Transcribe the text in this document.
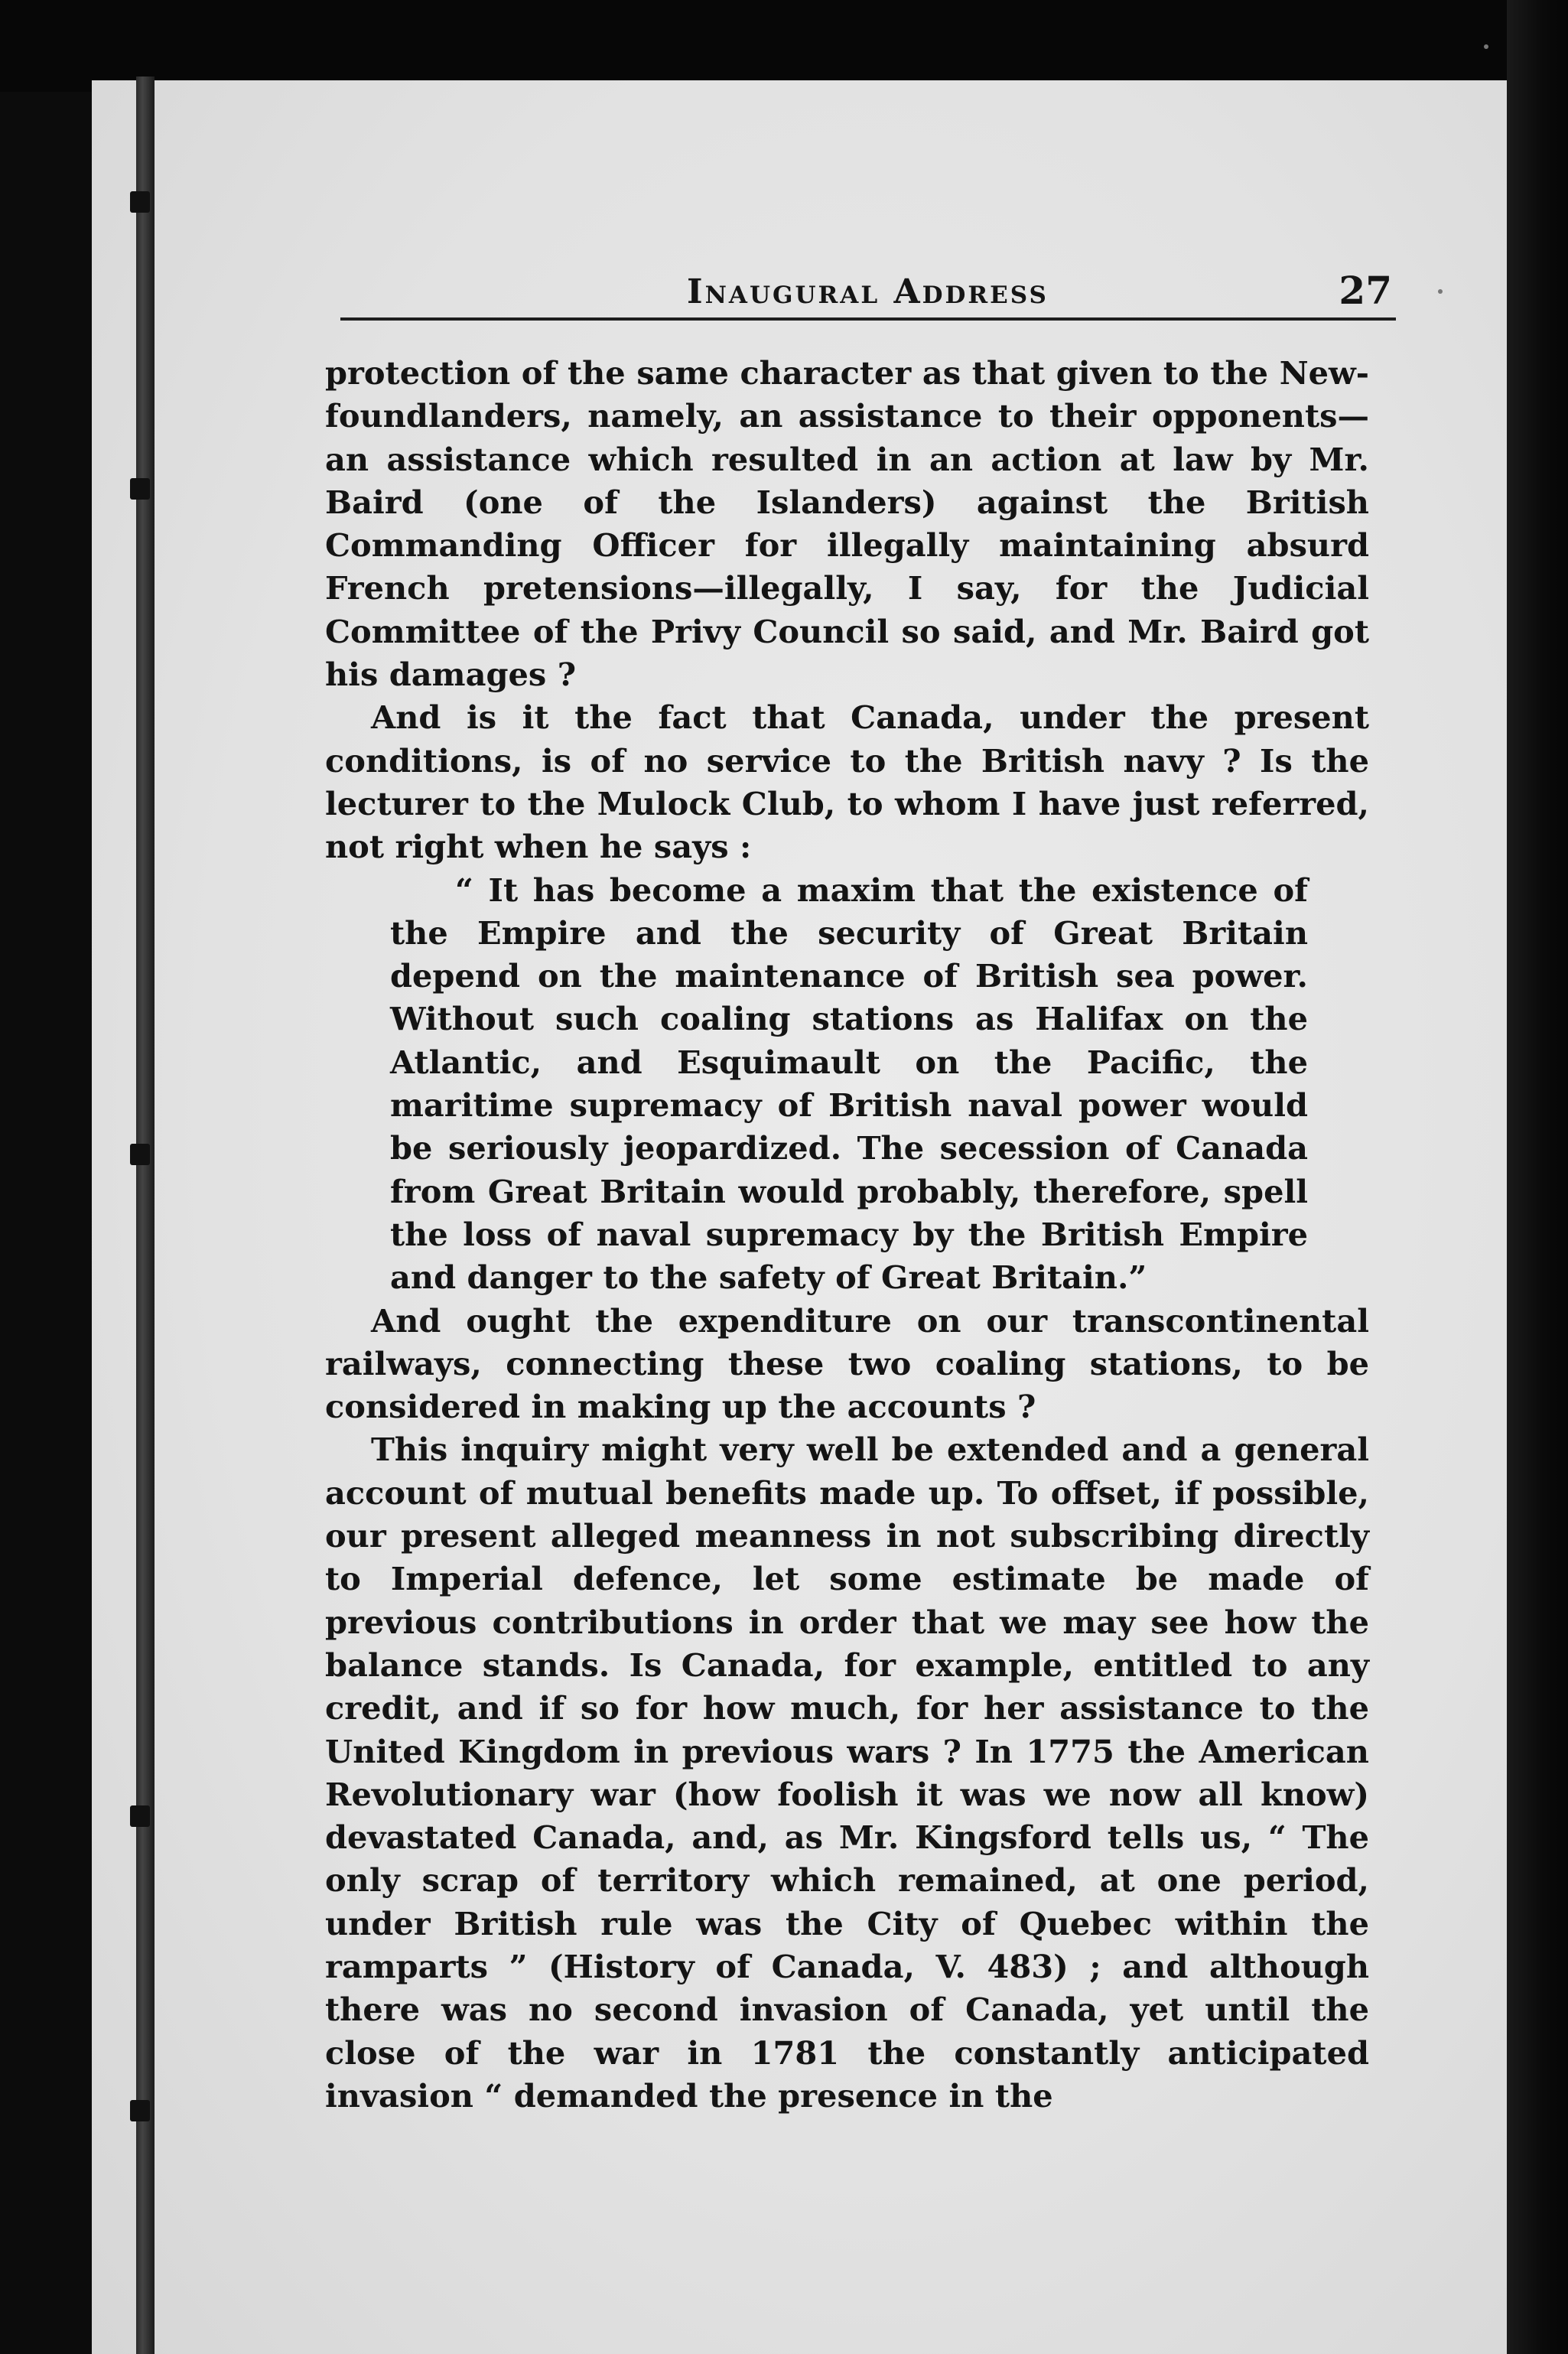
Inaugural Address	27

protection of the same character as that given to the New-foundlanders, namely, an assistance to their opponents—an assistance which resulted in an action at law by Mr. Baird (one of the Islanders) against the British Commanding Officer for illegally maintaining absurd French pretensions—illegally, I say, for the Judicial Committee of the Privy Council so said, and Mr. Baird got his damages ?

And is it the fact that Canada, under the present conditions, is of no service to the British navy ? Is the lecturer to the Mulock Club, to whom I have just referred, not right when he says :

“ It has become a maxim that the existence of the Empire and the security of Great Britain depend on the maintenance of British sea power. Without such coaling stations as Halifax on the Atlantic, and Esquimault on the Pacific, the maritime supremacy of British naval power would be seriously jeopardized. The secession of Canada from Great Britain would probably, therefore, spell the loss of naval supremacy by the British Empire and danger to the safety of Great Britain.”

And ought the expenditure on our transcontinental railways, connecting these two coaling stations, to be considered in making up the accounts ?

This inquiry might very well be extended and a general account of mutual benefits made up. To offset, if possible, our present alleged meanness in not subscribing directly to Imperial defence, let some estimate be made of previous contributions in order that we may see how the balance stands. Is Canada, for example, entitled to any credit, and if so for how much, for her assistance to the United Kingdom in previous wars ? In 1775 the American Revolutionary war (how foolish it was we now all know) devastated Canada, and, as Mr. Kingsford tells us, “ The only scrap of territory which remained, at one period, under British rule was the City of Quebec within the ramparts ” (History of Canada, V. 483) ; and although there was no second invasion of Canada, yet until the close of the war in 1781 the constantly anticipated invasion “ demanded the presence in the
